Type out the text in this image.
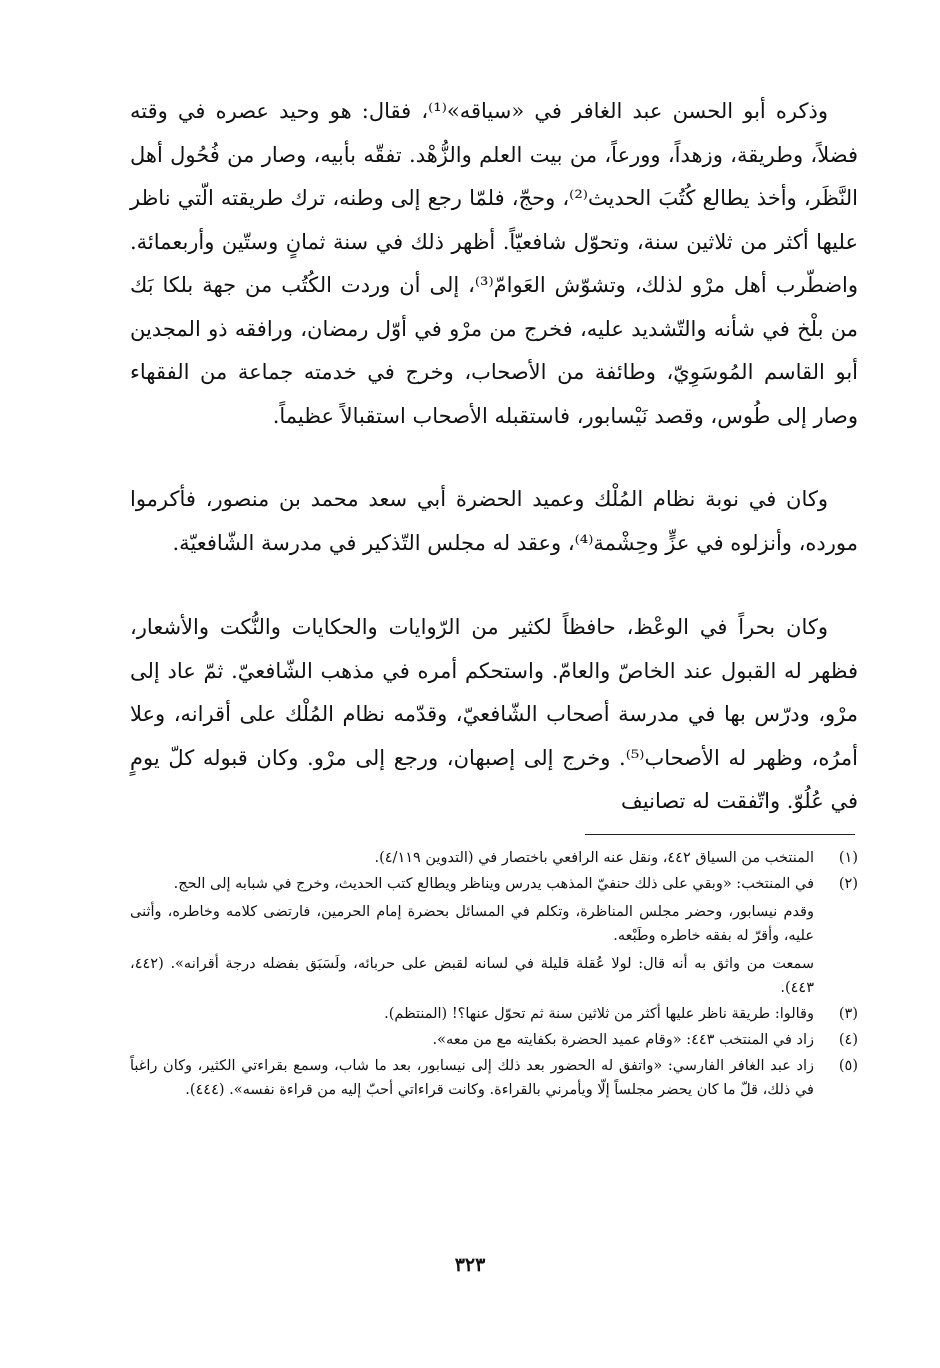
وذكره أبو الحسن عبد الغافر في «سياقه»⁽¹⁾، فقال: هو وحيد عصره في وقته فضلاً، وطريقة، وزهداً، وورعاً، من بيت العلم والزُّهْد. تفقّه بأبيه، وصار من فُحُول أهل النَّظَر، وأخذ يطالع كُتُبَ الحديث⁽²⁾، وحجّ، فلمّا رجع إلى وطنه، ترك طريقته الّتي ناظر عليها أكثر من ثلاثين سنة، وتحوّل شافعيّاً. أظهر ذلك في سنة ثمانٍ وستّين وأربعمائة. واضطّرب أهل مرْو لذلك، وتشوّش العَوامّ⁽³⁾، إلى أن وردت الكُتُب من جهة بلكا بَك من بلْخ في شأنه والتّشديد عليه، فخرج من مرْو في أوّل رمضان، ورافقه ذو المجدين أبو القاسم المُوسَوِيّ، وطائفة من الأصحاب، وخرج في خدمته جماعة من الفقهاء وصار إلى طُوس، وقصد نَيْسابور، فاستقبله الأصحاب استقبالاً عظيماً.

وكان في نوبة نظام المُلْك وعميد الحضرة أبي سعد محمد بن منصور، فأكرموا مورده، وأنزلوه في عزٍّ وحِشْمة⁽⁴⁾، وعقد له مجلس التّذكير في مدرسة الشّافعيّة.

وكان بحراً في الوعْظ، حافظاً لكثير من الرّوايات والحكايات والنُّكت والأشعار، فظهر له القبول عند الخاصّ والعامّ. واستحكم أمره في مذهب الشّافعيّ. ثمّ عاد إلى مرْو، ودرّس بها في مدرسة أصحاب الشّافعيّ، وقدّمه نظام المُلْك على أقرانه، وعلا أمرُه، وظهر له الأصحاب⁽⁵⁾. وخرج إلى إصبهان، ورجع إلى مرْو. وكان قبوله كلّ يومٍ في عُلُوّ. واتّفقت له تصانيف

(١)
المنتخب من السياق ٤٤٢، ونقل عنه الرافعي باختصار في (التدوين ٤/١١٩).
(٢)
في المنتخب: «وبقي على ذلك حنفيّ المذهب يدرس ويناظر ويطالع كتب الحديث، وخرج في شبابه إلى الحج.
وقدم نيسابور، وحضر مجلس المناظرة، وتكلم في المسائل بحضرة إمام الحرمين، فارتضى كلامه وخاطره، وأثنى عليه، وأقرّ له بفقه خاطره وطَبْعه.
سمعت من واثق به أنه قال: لولا عُقلة قليلة في لسانه لقبض على حربائه، ولَسَبَق بفضله درجة أقرانه». (٤٤٢، ٤٤٣).
(٣)
وقالوا: طريقة ناظر عليها أكثر من ثلاثين سنة ثم تحوّل عنها؟! (المنتظم).
(٤)
زاد في المنتخب ٤٤٣: «وقام عميد الحضرة بكفايته مع من معه».
(٥)
زاد عبد الغافر الفارسي: «واتفق له الحضور بعد ذلك إلى نيسابور، بعد ما شاب، وسمع بقراءتي الكثير، وكان راغباً في ذلك، قلّ ما كان يحضر مجلساً إلّا ويأمرني بالقراءة. وكانت قراءاتي أحبّ إليه من قراءة نفسه». (٤٤٤).
٣٢٣
